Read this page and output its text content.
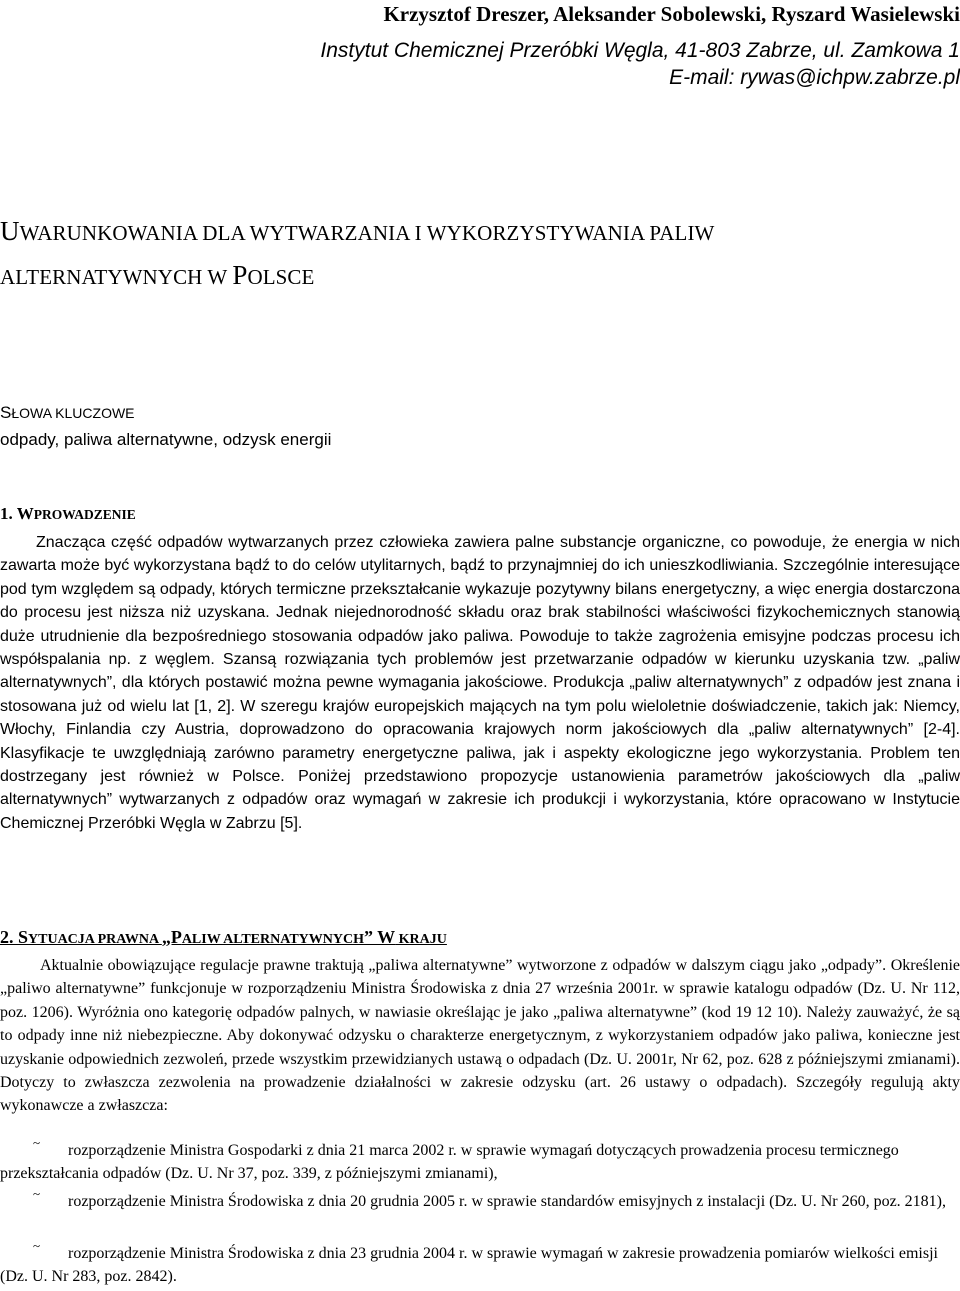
Krzysztof Dreszer, Aleksander Sobolewski, Ryszard Wasielewski
Instytut Chemicznej Przeróbki Węgla, 41-803 Zabrze, ul. Zamkowa 1
E-mail: rywas@ichpw.zabrze.pl
UWARUNKOWANIA DLA WYTWARZANIA I WYKORZYSTYWANIA PALIW
ALTERNATYWNYCH W POLSCE
SŁOWA KLUCZOWE
odpady, paliwa alternatywne, odzysk energii
1. WPROWADZENIE

Znacząca część odpadów wytwarzanych przez człowieka zawiera palne substancje organiczne, co powoduje, że energia w nich zawarta może być wykorzystana bądź to do celów utylitarnych, bądź to przynajmniej do ich unieszkodliwiania. Szczególnie interesujące pod tym względem są odpady, których termiczne przekształcanie wykazuje pozytywny bilans energetyczny, a więc energia dostarczona do procesu jest niższa niż uzyskana. Jednak niejednorodność składu oraz brak stabilności właściwości fizykochemicznych stanowią duże utrudnienie dla bezpośredniego stosowania odpadów jako paliwa. Powoduje to także zagrożenia emisyjne podczas procesu ich współspalania np. z węglem. Szansą rozwiązania tych problemów jest przetwarzanie odpadów w kierunku uzyskania tzw. „paliw alternatywnych”, dla których postawić można pewne wymagania jakościowe. Produkcja „paliw alternatywnych” z odpadów jest znana i stosowana już od wielu lat [1, 2]. W szeregu krajów europejskich mających na tym polu wieloletnie doświadczenie, takich jak: Niemcy, Włochy, Finlandia czy Austria, doprowadzono do opracowania krajowych norm jakościowych dla „paliw alternatywnych” [2-4]. Klasyfikacje te uwzględniają zarówno parametry energetyczne paliwa, jak i aspekty ekologiczne jego wykorzystania. Problem ten dostrzegany jest również w Polsce. Poniżej przedstawiono propozycje ustanowienia parametrów jakościowych dla „paliw alternatywnych” wytwarzanych z odpadów oraz wymagań w zakresie ich produkcji i wykorzystania, które opracowano w Instytucie Chemicznej Przeróbki Węgla w Zabrzu [5].

2. SYTUACJA PRAWNA „PALIW ALTERNATYWNYCH” W KRAJU

Aktualnie obowiązujące regulacje prawne traktują „paliwa alternatywne” wytworzone z odpadów w dalszym ciągu jako „odpady”. Określenie „paliwo alternatywne” funkcjonuje w rozporządzeniu Ministra Środowiska z dnia 27 września 2001r. w sprawie katalogu odpadów (Dz. U. Nr 112, poz. 1206). Wyróżnia ono kategorię odpadów palnych, w nawiasie określając je jako „paliwa alternatywne” (kod 19 12 10). Należy zauważyć, że są to odpady inne niż niebezpieczne. Aby dokonywać odzysku o charakterze energetycznym, z wykorzystaniem odpadów jako paliwa, konieczne jest uzyskanie odpowiednich zezwoleń, przede wszystkim przewidzianych ustawą o odpadach (Dz. U. 2001r, Nr 62, poz. 628 z późniejszymi zmianami). Dotyczy to zwłaszcza zezwolenia na prowadzenie działalności w zakresie odzysku (art. 26 ustawy o odpadach). Szczegóły regulują akty wykonawcze a zwłaszcza:

~	rozporządzenie Ministra Gospodarki z dnia 21 marca 2002 r. w sprawie wymagań dotyczących prowadzenia procesu termicznego przekształcania odpadów (Dz. U. Nr 37, poz. 339, z późniejszymi zmianami),
~	rozporządzenie Ministra Środowiska z dnia 20 grudnia 2005 r. w sprawie standardów emisyjnych z instalacji (Dz. U. Nr 260, poz. 2181),
~	rozporządzenie Ministra Środowiska z dnia 23 grudnia 2004 r. w sprawie wymagań w zakresie prowadzenia pomiarów wielkości emisji (Dz. U. Nr 283, poz. 2842).
